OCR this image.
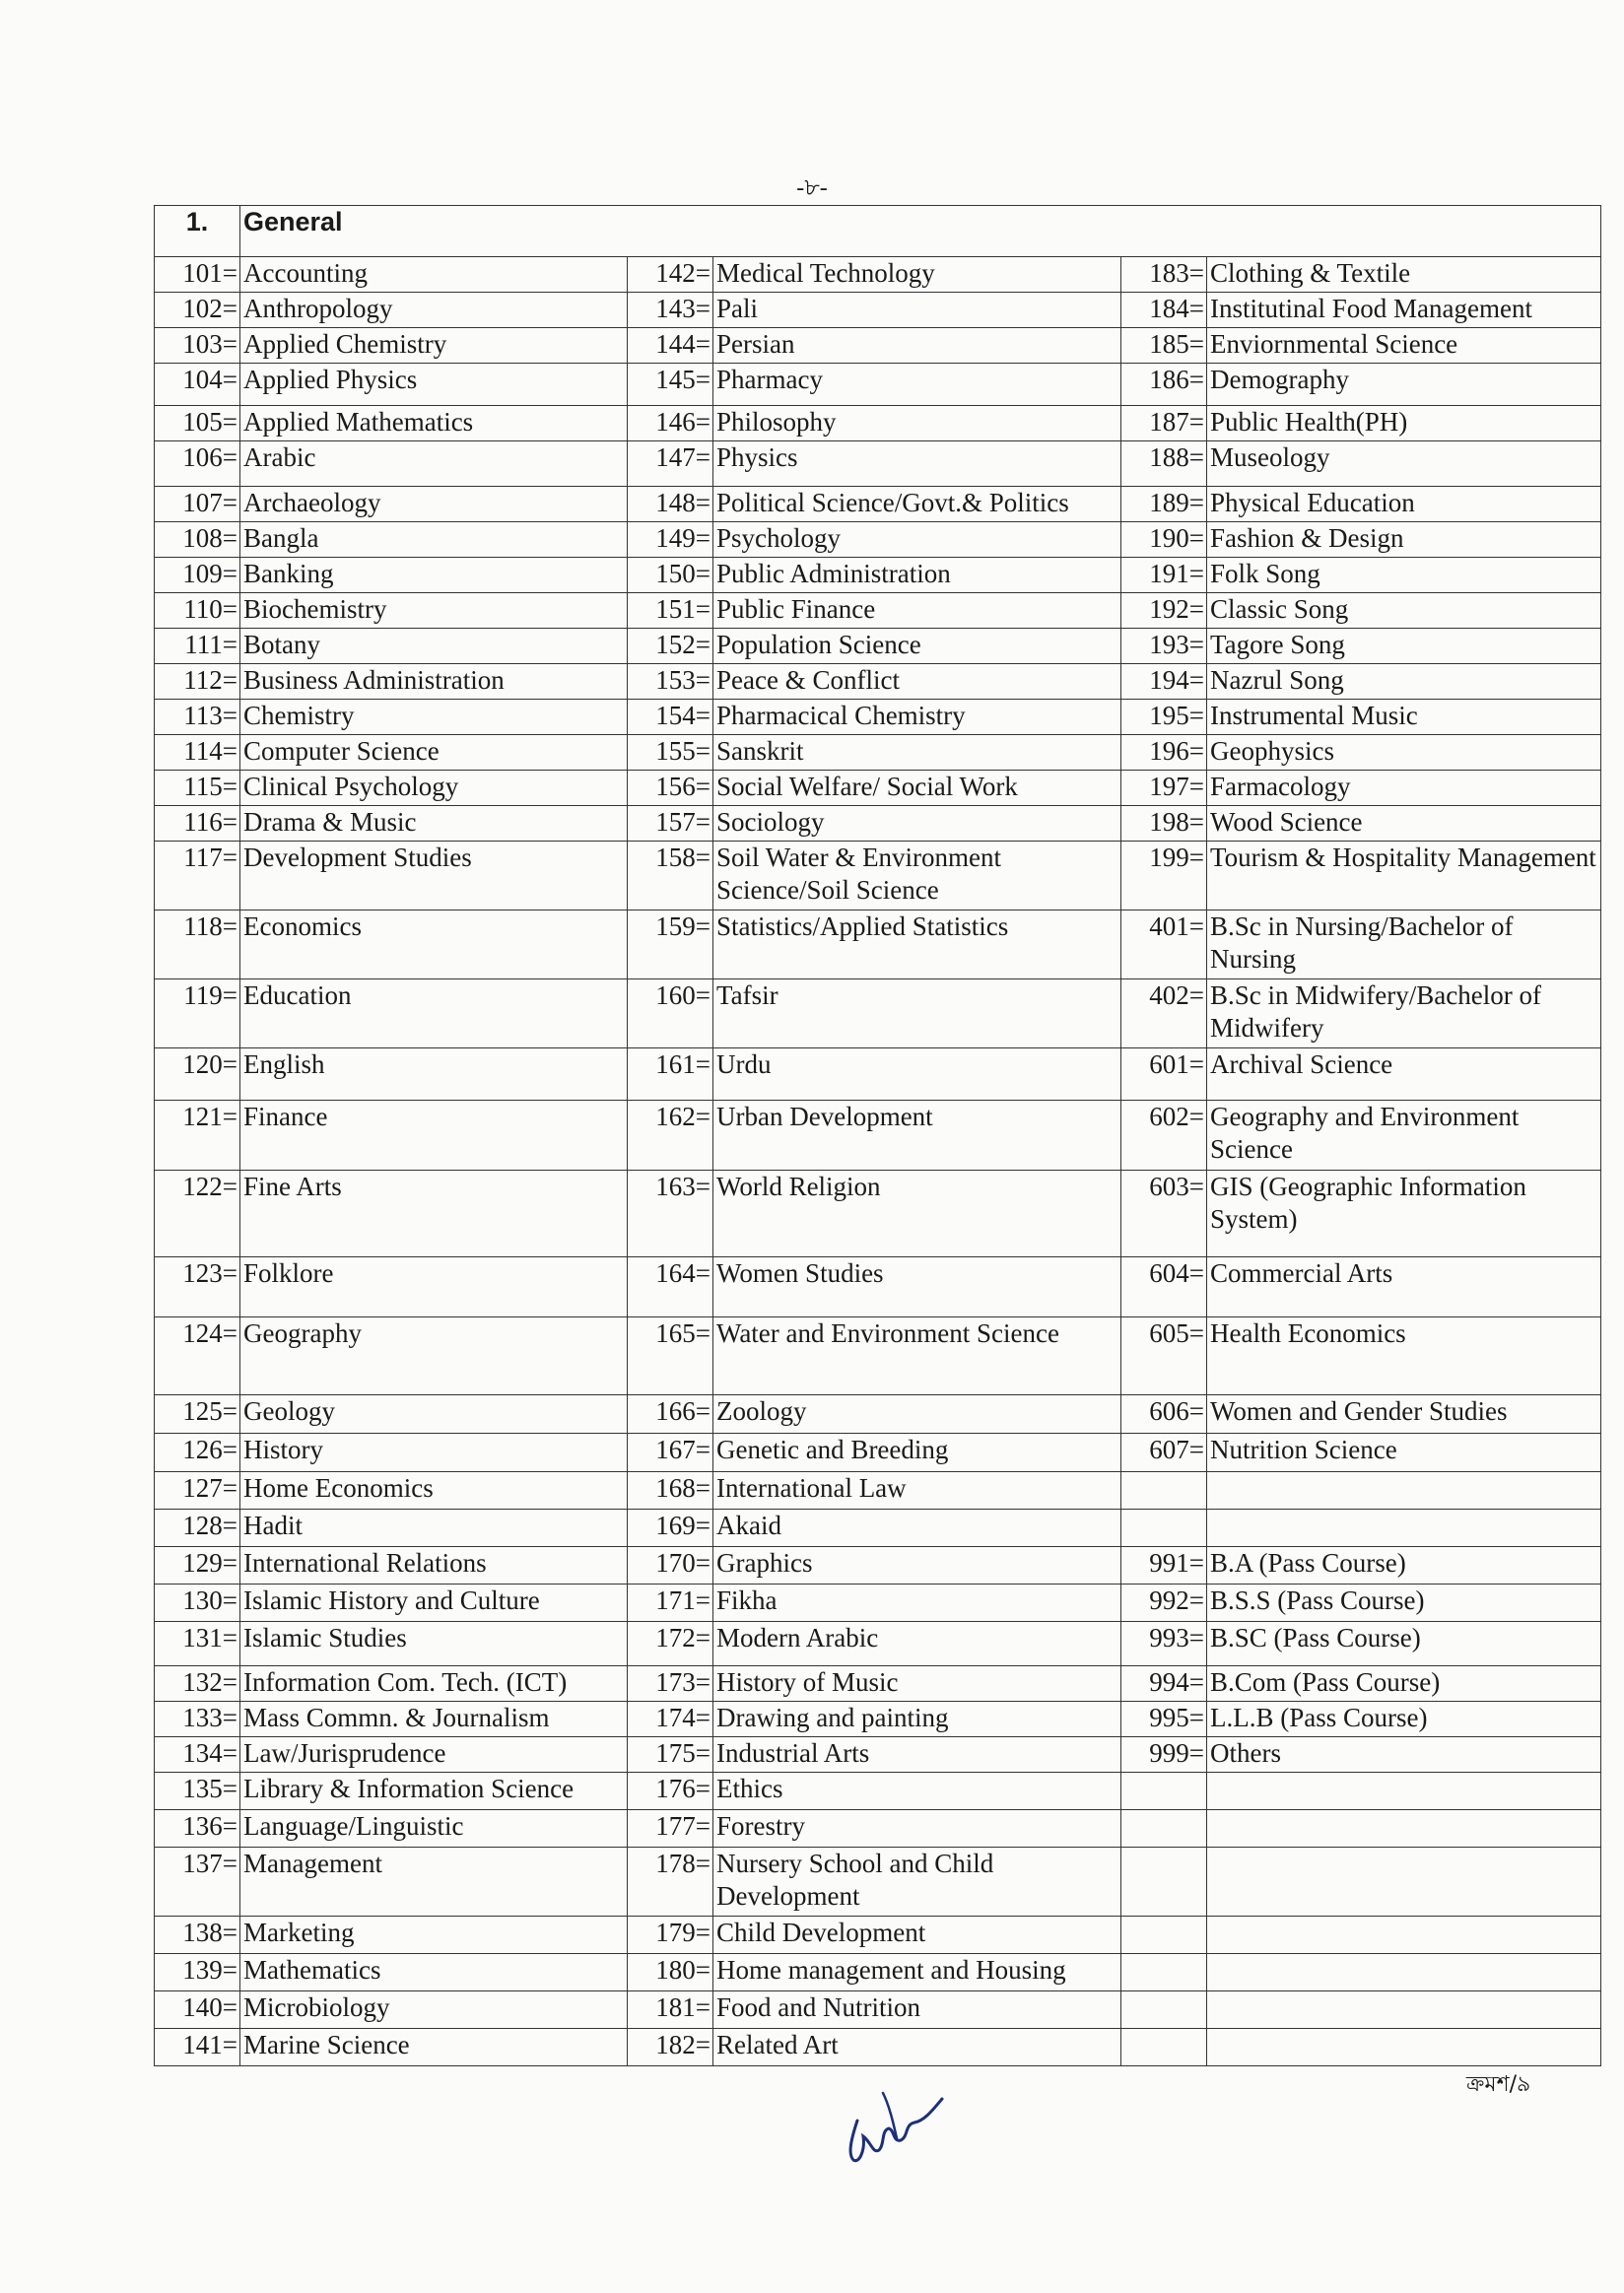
-৮-
1.	General				
101=	Accounting	142=	Medical Technology	183=	Clothing & Textile
102=	Anthropology	143=	Pali	184=	Institutinal Food Management
103=	Applied Chemistry	144=	Persian	185=	Enviornmental Science
104=	Applied Physics	145=	Pharmacy	186=	Demography
105=	Applied Mathematics	146=	Philosophy	187=	Public Health(PH)
106=	Arabic	147=	Physics	188=	Museology
107=	Archaeology	148=	Political Science/Govt.& Politics	189=	Physical Education
108=	Bangla	149=	Psychology	190=	Fashion & Design
109=	Banking	150=	Public Administration	191=	Folk Song
110=	Biochemistry	151=	Public Finance	192=	Classic Song
111=	Botany	152=	Population Science	193=	Tagore Song
112=	Business Administration	153=	Peace & Conflict	194=	Nazrul Song
113=	Chemistry	154=	Pharmacical Chemistry	195=	Instrumental Music
114=	Computer Science	155=	Sanskrit	196=	Geophysics
115=	Clinical Psychology	156=	Social Welfare/ Social Work	197=	Farmacology
116=	Drama & Music	157=	Sociology	198=	Wood Science
117=	Development Studies	158=	Soil Water & Environment Science/Soil Science	199=	Tourism & Hospitality Management
118=	Economics	159=	Statistics/Applied Statistics	401=	B.Sc in Nursing/Bachelor of Nursing
119=	Education	160=	Tafsir	402=	B.Sc in Midwifery/Bachelor of Midwifery
120=	English	161=	Urdu	601=	Archival Science
121=	Finance	162=	Urban Development	602=	Geography and Environment Science
122=	Fine Arts	163=	World Religion	603=	GIS (Geographic Information System)
123=	Folklore	164=	Women Studies	604=	Commercial Arts
124=	Geography	165=	Water and Environment Science	605=	Health Economics
125=	Geology	166=	Zoology	606=	Women and Gender Studies
126=	History	167=	Genetic and Breeding	607=	Nutrition Science
127=	Home Economics	168=	International Law		
128=	Hadit	169=	Akaid		
129=	International Relations	170=	Graphics	991=	B.A (Pass Course)
130=	Islamic History and Culture	171=	Fikha	992=	B.S.S (Pass Course)
131=	Islamic Studies	172=	Modern Arabic	993=	B.SC (Pass Course)
132=	Information Com. Tech. (ICT)	173=	History of Music	994=	B.Com (Pass Course)
133=	Mass Commn. & Journalism	174=	Drawing and painting	995=	L.L.B (Pass Course)
134=	Law/Jurisprudence	175=	Industrial Arts	999=	Others
135=	Library & Information Science	176=	Ethics		
136=	Language/Linguistic	177=	Forestry		
137=	Management	178=	Nursery School and Child Development		
138=	Marketing	179=	Child Development		
139=	Mathematics	180=	Home management and Housing		
140=	Microbiology	181=	Food and Nutrition		
141=	Marine Science	182=	Related Art		
ক্রমশ/৯
